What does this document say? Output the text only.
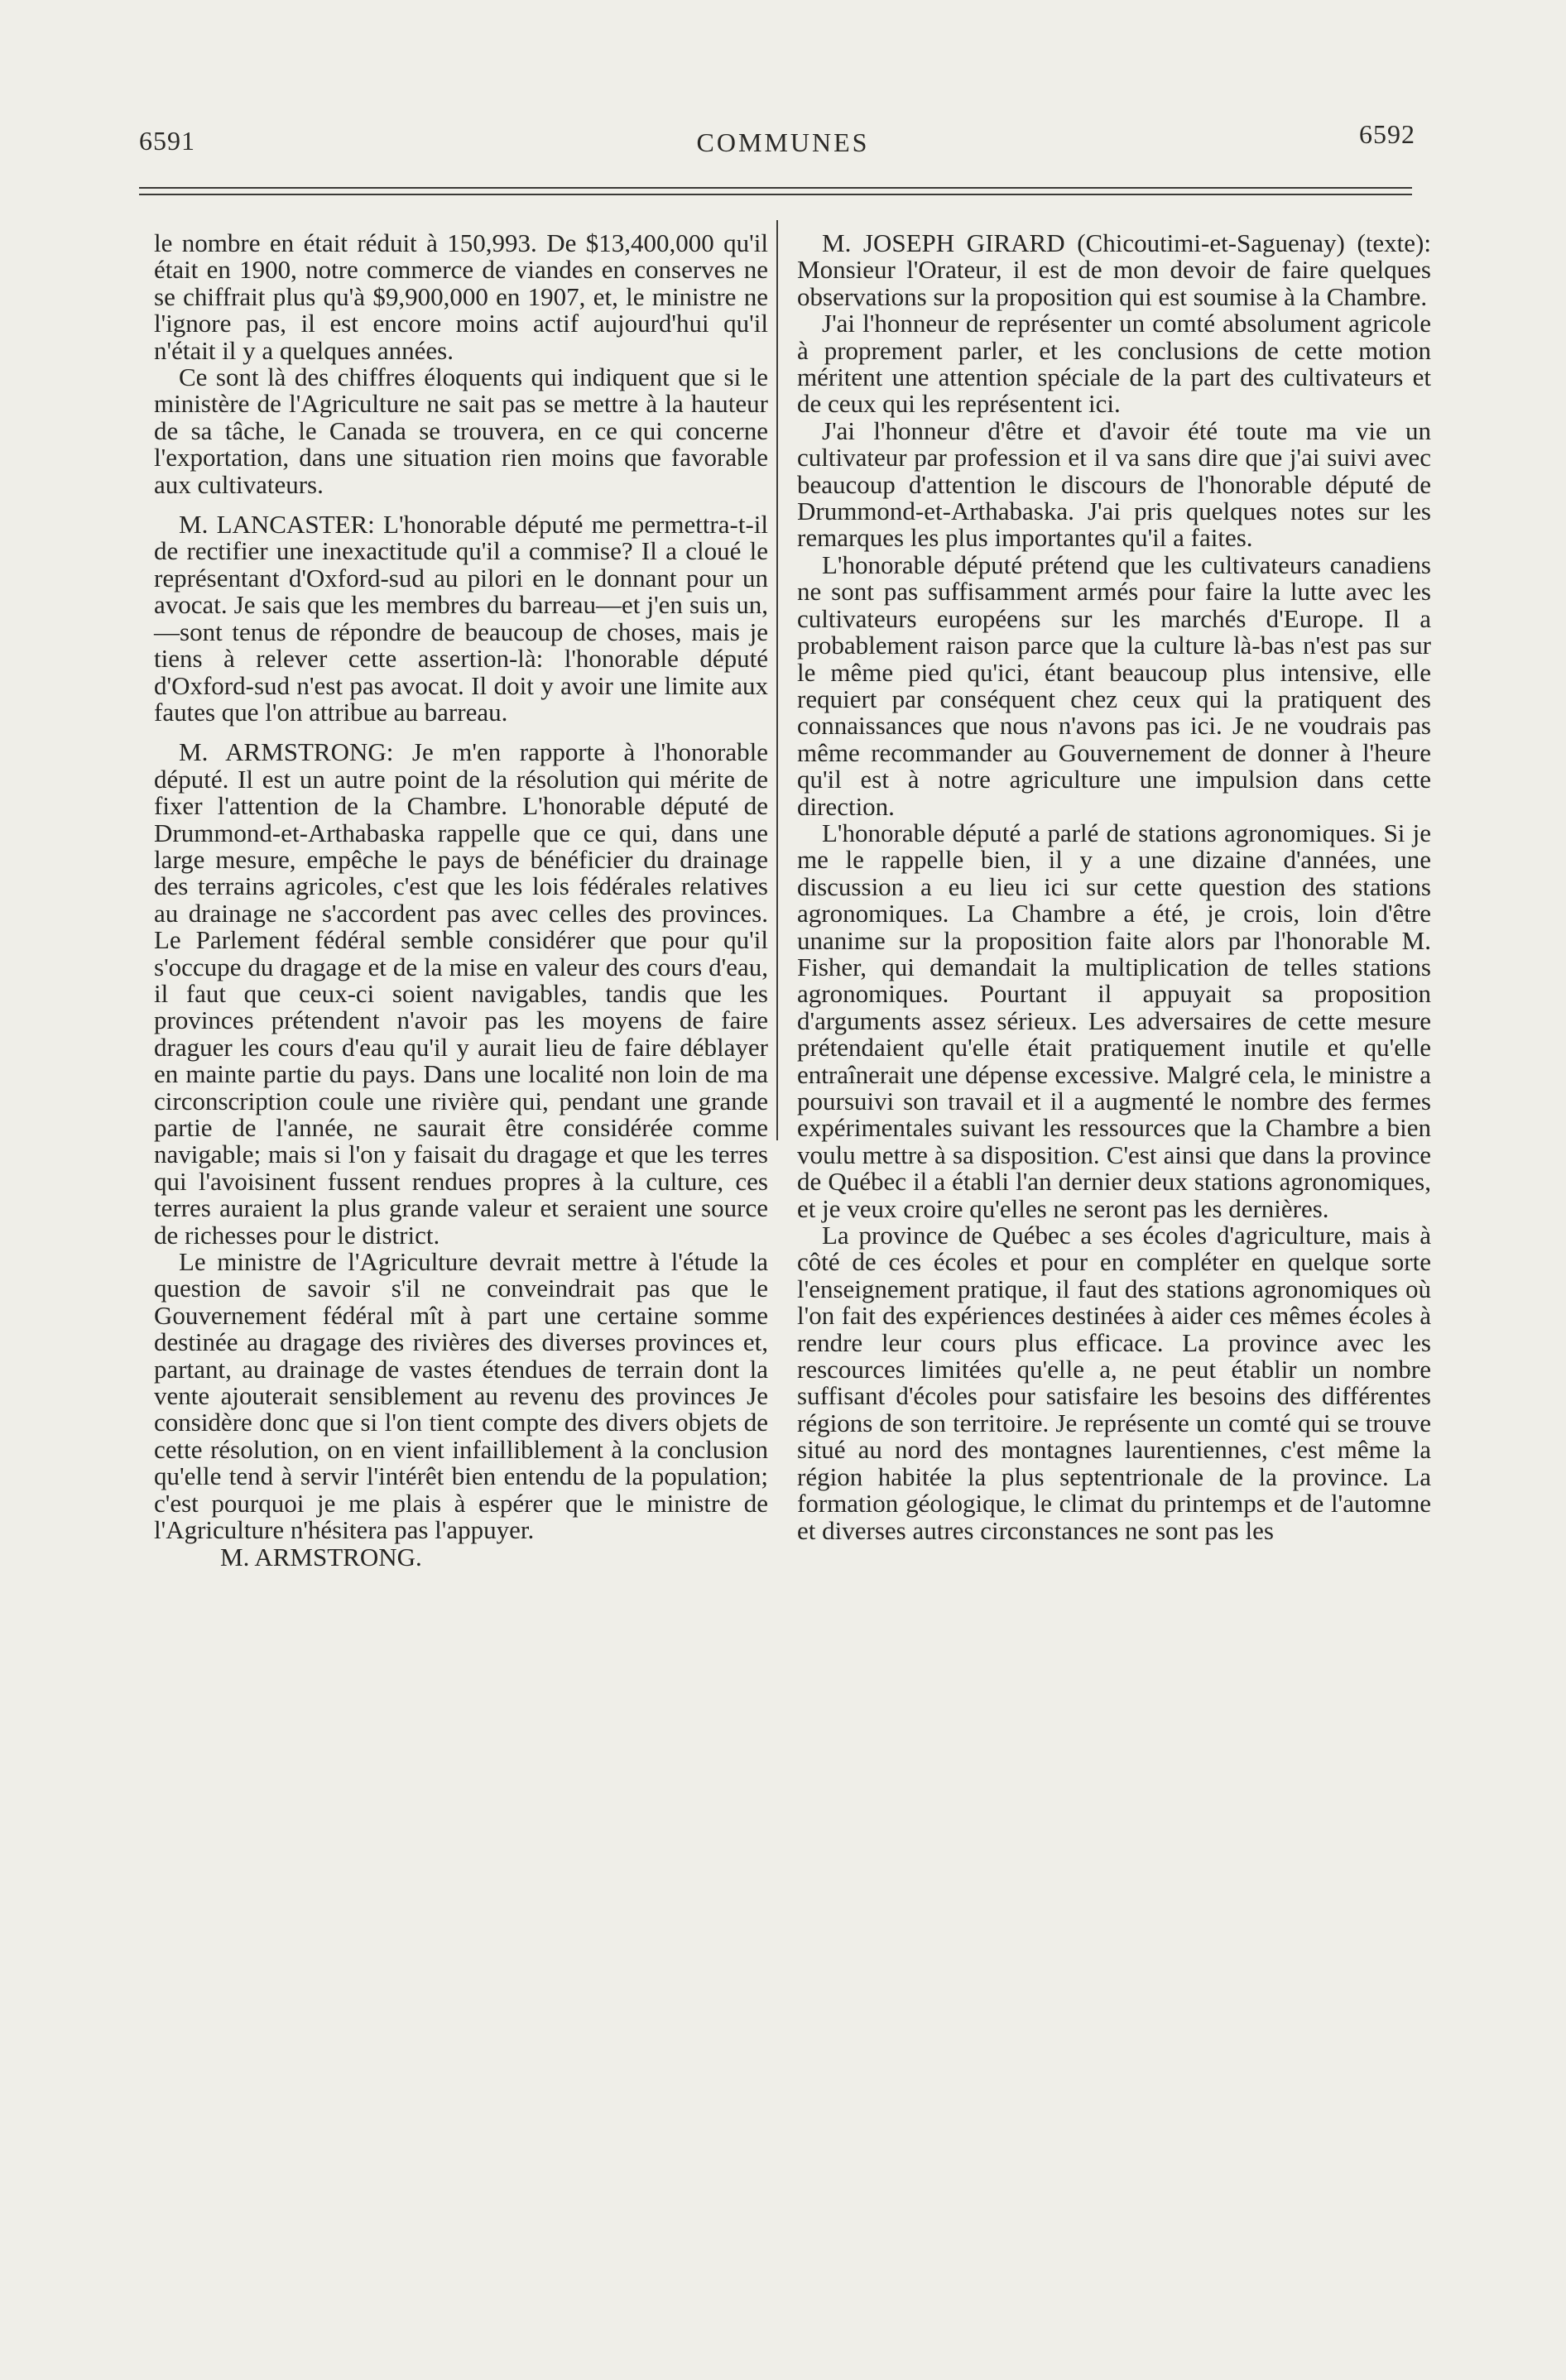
6591	COMMUNES	6592

le nombre en était réduit à 150,993. De $13,400,000 qu'il était en 1900, notre commerce de viandes en conserves ne se chiffrait plus qu'à $9,900,000 en 1907, et, le ministre ne l'ignore pas, il est encore moins actif aujourd'hui qu'il n'était il y a quelques années.

Ce sont là des chiffres éloquents qui indiquent que si le ministère de l'Agriculture ne sait pas se mettre à la hauteur de sa tâche, le Canada se trouvera, en ce qui concerne l'exportation, dans une situation rien moins que favorable aux cultivateurs.

M. LANCASTER: L'honorable député me permettra-t-il de rectifier une inexactitude qu'il a commise? Il a cloué le représentant d'Oxford-sud au pilori en le donnant pour un avocat. Je sais que les membres du barreau—et j'en suis un,—sont tenus de répondre de beaucoup de choses, mais je tiens à relever cette assertion-là: l'honorable député d'Oxford-sud n'est pas avocat. Il doit y avoir une limite aux fautes que l'on attribue au barreau.

M. ARMSTRONG: Je m'en rapporte à l'honorable député. Il est un autre point de la résolution qui mérite de fixer l'attention de la Chambre. L'honorable député de Drummond-et-Arthabaska rappelle que ce qui, dans une large mesure, empêche le pays de bénéficier du drainage des terrains agricoles, c'est que les lois fédérales relatives au drainage ne s'accordent pas avec celles des provinces. Le Parlement fédéral semble considérer que pour qu'il s'occupe du dragage et de la mise en valeur des cours d'eau, il faut que ceux-ci soient navigables, tandis que les provinces prétendent n'avoir pas les moyens de faire draguer les cours d'eau qu'il y aurait lieu de faire déblayer en mainte partie du pays. Dans une localité non loin de ma circonscription coule une rivière qui, pendant une grande partie de l'année, ne saurait être considérée comme navigable; mais si l'on y faisait du dragage et que les terres qui l'avoisinent fussent rendues propres à la culture, ces terres auraient la plus grande valeur et seraient une source de richesses pour le district.

Le ministre de l'Agriculture devrait mettre à l'étude la question de savoir s'il ne conveindrait pas que le Gouvernement fédéral mît à part une certaine somme destinée au dragage des rivières des diverses provinces et, partant, au drainage de vastes étendues de terrain dont la vente ajouterait sensiblement au revenu des provinces Je considère donc que si l'on tient compte des divers objets de cette résolution, on en vient infailliblement à la conclusion qu'elle tend à servir l'intérêt bien entendu de la population; c'est pourquoi je me plais à espérer que le ministre de l'Agriculture n'hésitera pas l'appuyer.

M. ARMSTRONG.

M. JOSEPH GIRARD (Chicoutimi-et-Saguenay) (texte): Monsieur l'Orateur, il est de mon devoir de faire quelques observations sur la proposition qui est soumise à la Chambre.

J'ai l'honneur de représenter un comté absolument agricole à proprement parler, et les conclusions de cette motion méritent une attention spéciale de la part des cultivateurs et de ceux qui les représentent ici.

J'ai l'honneur d'être et d'avoir été toute ma vie un cultivateur par profession et il va sans dire que j'ai suivi avec beaucoup d'attention le discours de l'honorable député de Drummond-et-Arthabaska. J'ai pris quelques notes sur les remarques les plus importantes qu'il a faites.

L'honorable député prétend que les cultivateurs canadiens ne sont pas suffisamment armés pour faire la lutte avec les cultivateurs européens sur les marchés d'Europe. Il a probablement raison parce que la culture là-bas n'est pas sur le même pied qu'ici, étant beaucoup plus intensive, elle requiert par conséquent chez ceux qui la pratiquent des connaissances que nous n'avons pas ici. Je ne voudrais pas même recommander au Gouvernement de donner à l'heure qu'il est à notre agriculture une impulsion dans cette direction.

L'honorable député a parlé de stations agronomiques. Si je me le rappelle bien, il y a une dizaine d'années, une discussion a eu lieu ici sur cette question des stations agronomiques. La Chambre a été, je crois, loin d'être unanime sur la proposition faite alors par l'honorable M. Fisher, qui demandait la multiplication de telles stations agronomiques. Pourtant il appuyait sa proposition d'arguments assez sérieux. Les adversaires de cette mesure prétendaient qu'elle était pratiquement inutile et qu'elle entraînerait une dépense excessive. Malgré cela, le ministre a poursuivi son travail et il a augmenté le nombre des fermes expérimentales suivant les ressources que la Chambre a bien voulu mettre à sa disposition. C'est ainsi que dans la province de Québec il a établi l'an dernier deux stations agronomiques, et je veux croire qu'elles ne seront pas les dernières.

La province de Québec a ses écoles d'agriculture, mais à côté de ces écoles et pour en compléter en quelque sorte l'enseignement pratique, il faut des stations agronomiques où l'on fait des expériences destinées à aider ces mêmes écoles à rendre leur cours plus efficace. La province avec les rescources limitées qu'elle a, ne peut établir un nombre suffisant d'écoles pour satisfaire les besoins des différentes régions de son territoire. Je représente un comté qui se trouve situé au nord des montagnes laurentiennes, c'est même la région habitée la plus septentrionale de la province. La formation géologique, le climat du printemps et de l'automne et diverses autres circonstances ne sont pas les
